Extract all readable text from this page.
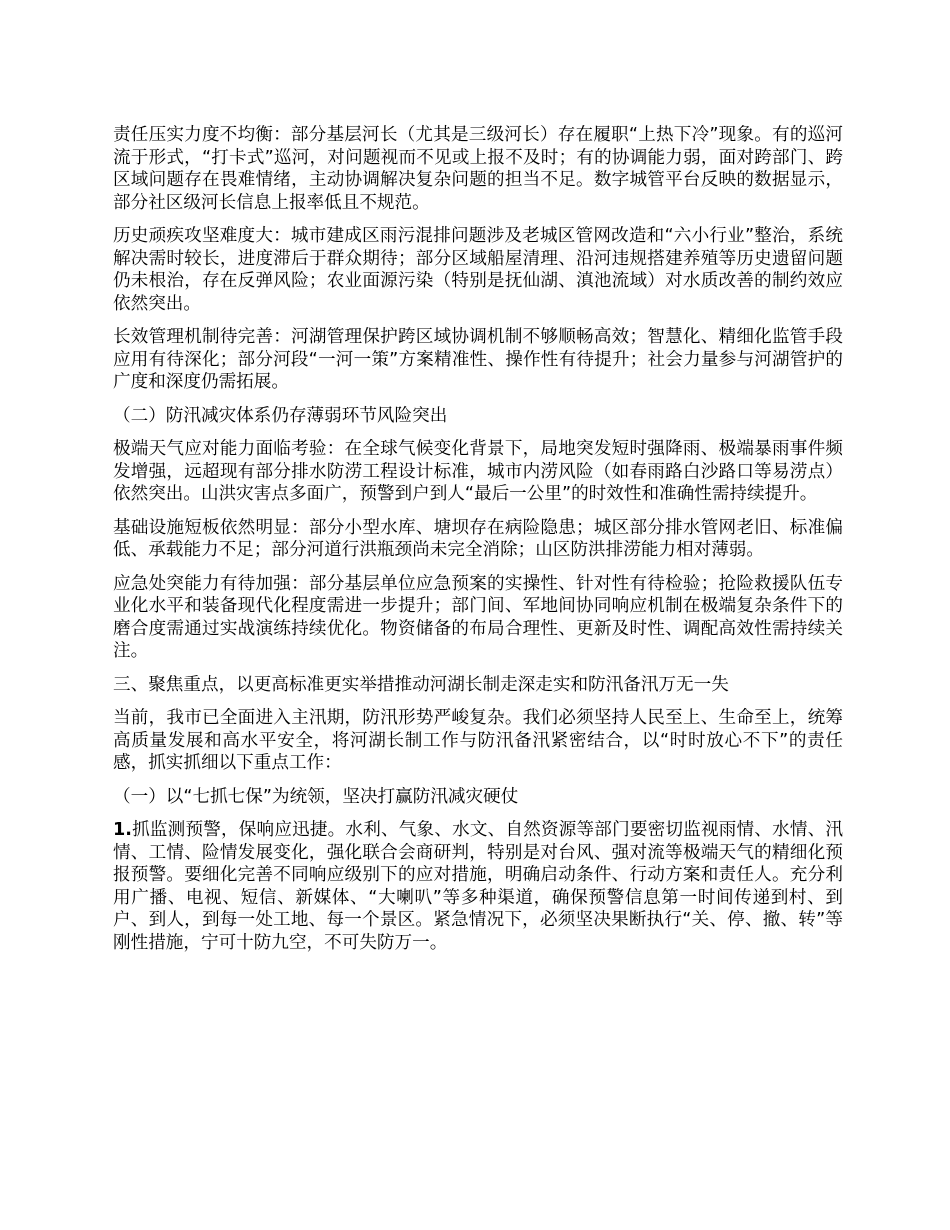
责任压实力度不均衡：部分基层河长（尤其是三级河长）存在履职“上热下冷”现象。有的巡河流于形式，“打卡式”巡河，对问题视而不见或上报不及时；有的协调能力弱，面对跨部门、跨区域问题存在畏难情绪，主动协调解决复杂问题的担当不足。数字城管平台反映的数据显示，部分社区级河长信息上报率低且不规范。

历史顽疾攻坚难度大：城市建成区雨污混排问题涉及老城区管网改造和“六小行业”整治，系统解决需时较长，进度滞后于群众期待；部分区域船屋清理、沿河违规搭建养殖等历史遗留问题仍未根治，存在反弹风险；农业面源污染（特别是抚仙湖、滇池流域）对水质改善的制约效应依然突出。

长效管理机制待完善：河湖管理保护跨区域协调机制不够顺畅高效；智慧化、精细化监管手段应用有待深化；部分河段“一河一策”方案精准性、操作性有待提升；社会力量参与河湖管护的广度和深度仍需拓展。

（二）防汛减灾体系仍存薄弱环节风险突出

极端天气应对能力面临考验：在全球气候变化背景下，局地突发短时强降雨、极端暴雨事件频发增强，远超现有部分排水防涝工程设计标准，城市内涝风险（如春雨路白沙路口等易涝点）依然突出。山洪灾害点多面广，预警到户到人“最后一公里”的时效性和准确性需持续提升。

基础设施短板依然明显：部分小型水库、塘坝存在病险隐患；城区部分排水管网老旧、标准偏低、承载能力不足；部分河道行洪瓶颈尚未完全消除；山区防洪排涝能力相对薄弱。

应急处突能力有待加强：部分基层单位应急预案的实操性、针对性有待检验；抢险救援队伍专业化水平和装备现代化程度需进一步提升；部门间、军地间协同响应机制在极端复杂条件下的磨合度需通过实战演练持续优化。物资储备的布局合理性、更新及时性、调配高效性需持续关注。

三、聚焦重点，以更高标准更实举措推动河湖长制走深走实和防汛备汛万无一失

当前，我市已全面进入主汛期，防汛形势严峻复杂。我们必须坚持人民至上、生命至上，统筹高质量发展和高水平安全，将河湖长制工作与防汛备汛紧密结合，以“时时放心不下”的责任感，抓实抓细以下重点工作：

（一）以“七抓七保”为统领，坚决打赢防汛减灾硬仗

1.抓监测预警，保响应迅捷。水利、气象、水文、自然资源等部门要密切监视雨情、水情、汛情、工情、险情发展变化，强化联合会商研判，特别是对台风、强对流等极端天气的精细化预报预警。要细化完善不同响应级别下的应对措施，明确启动条件、行动方案和责任人。充分利用广播、电视、短信、新媒体、“大喇叭”等多种渠道，确保预警信息第一时间传递到村、到户、到人，到每一处工地、每一个景区。紧急情况下，必须坚决果断执行“关、停、撤、转”等刚性措施，宁可十防九空，不可失防万一。
